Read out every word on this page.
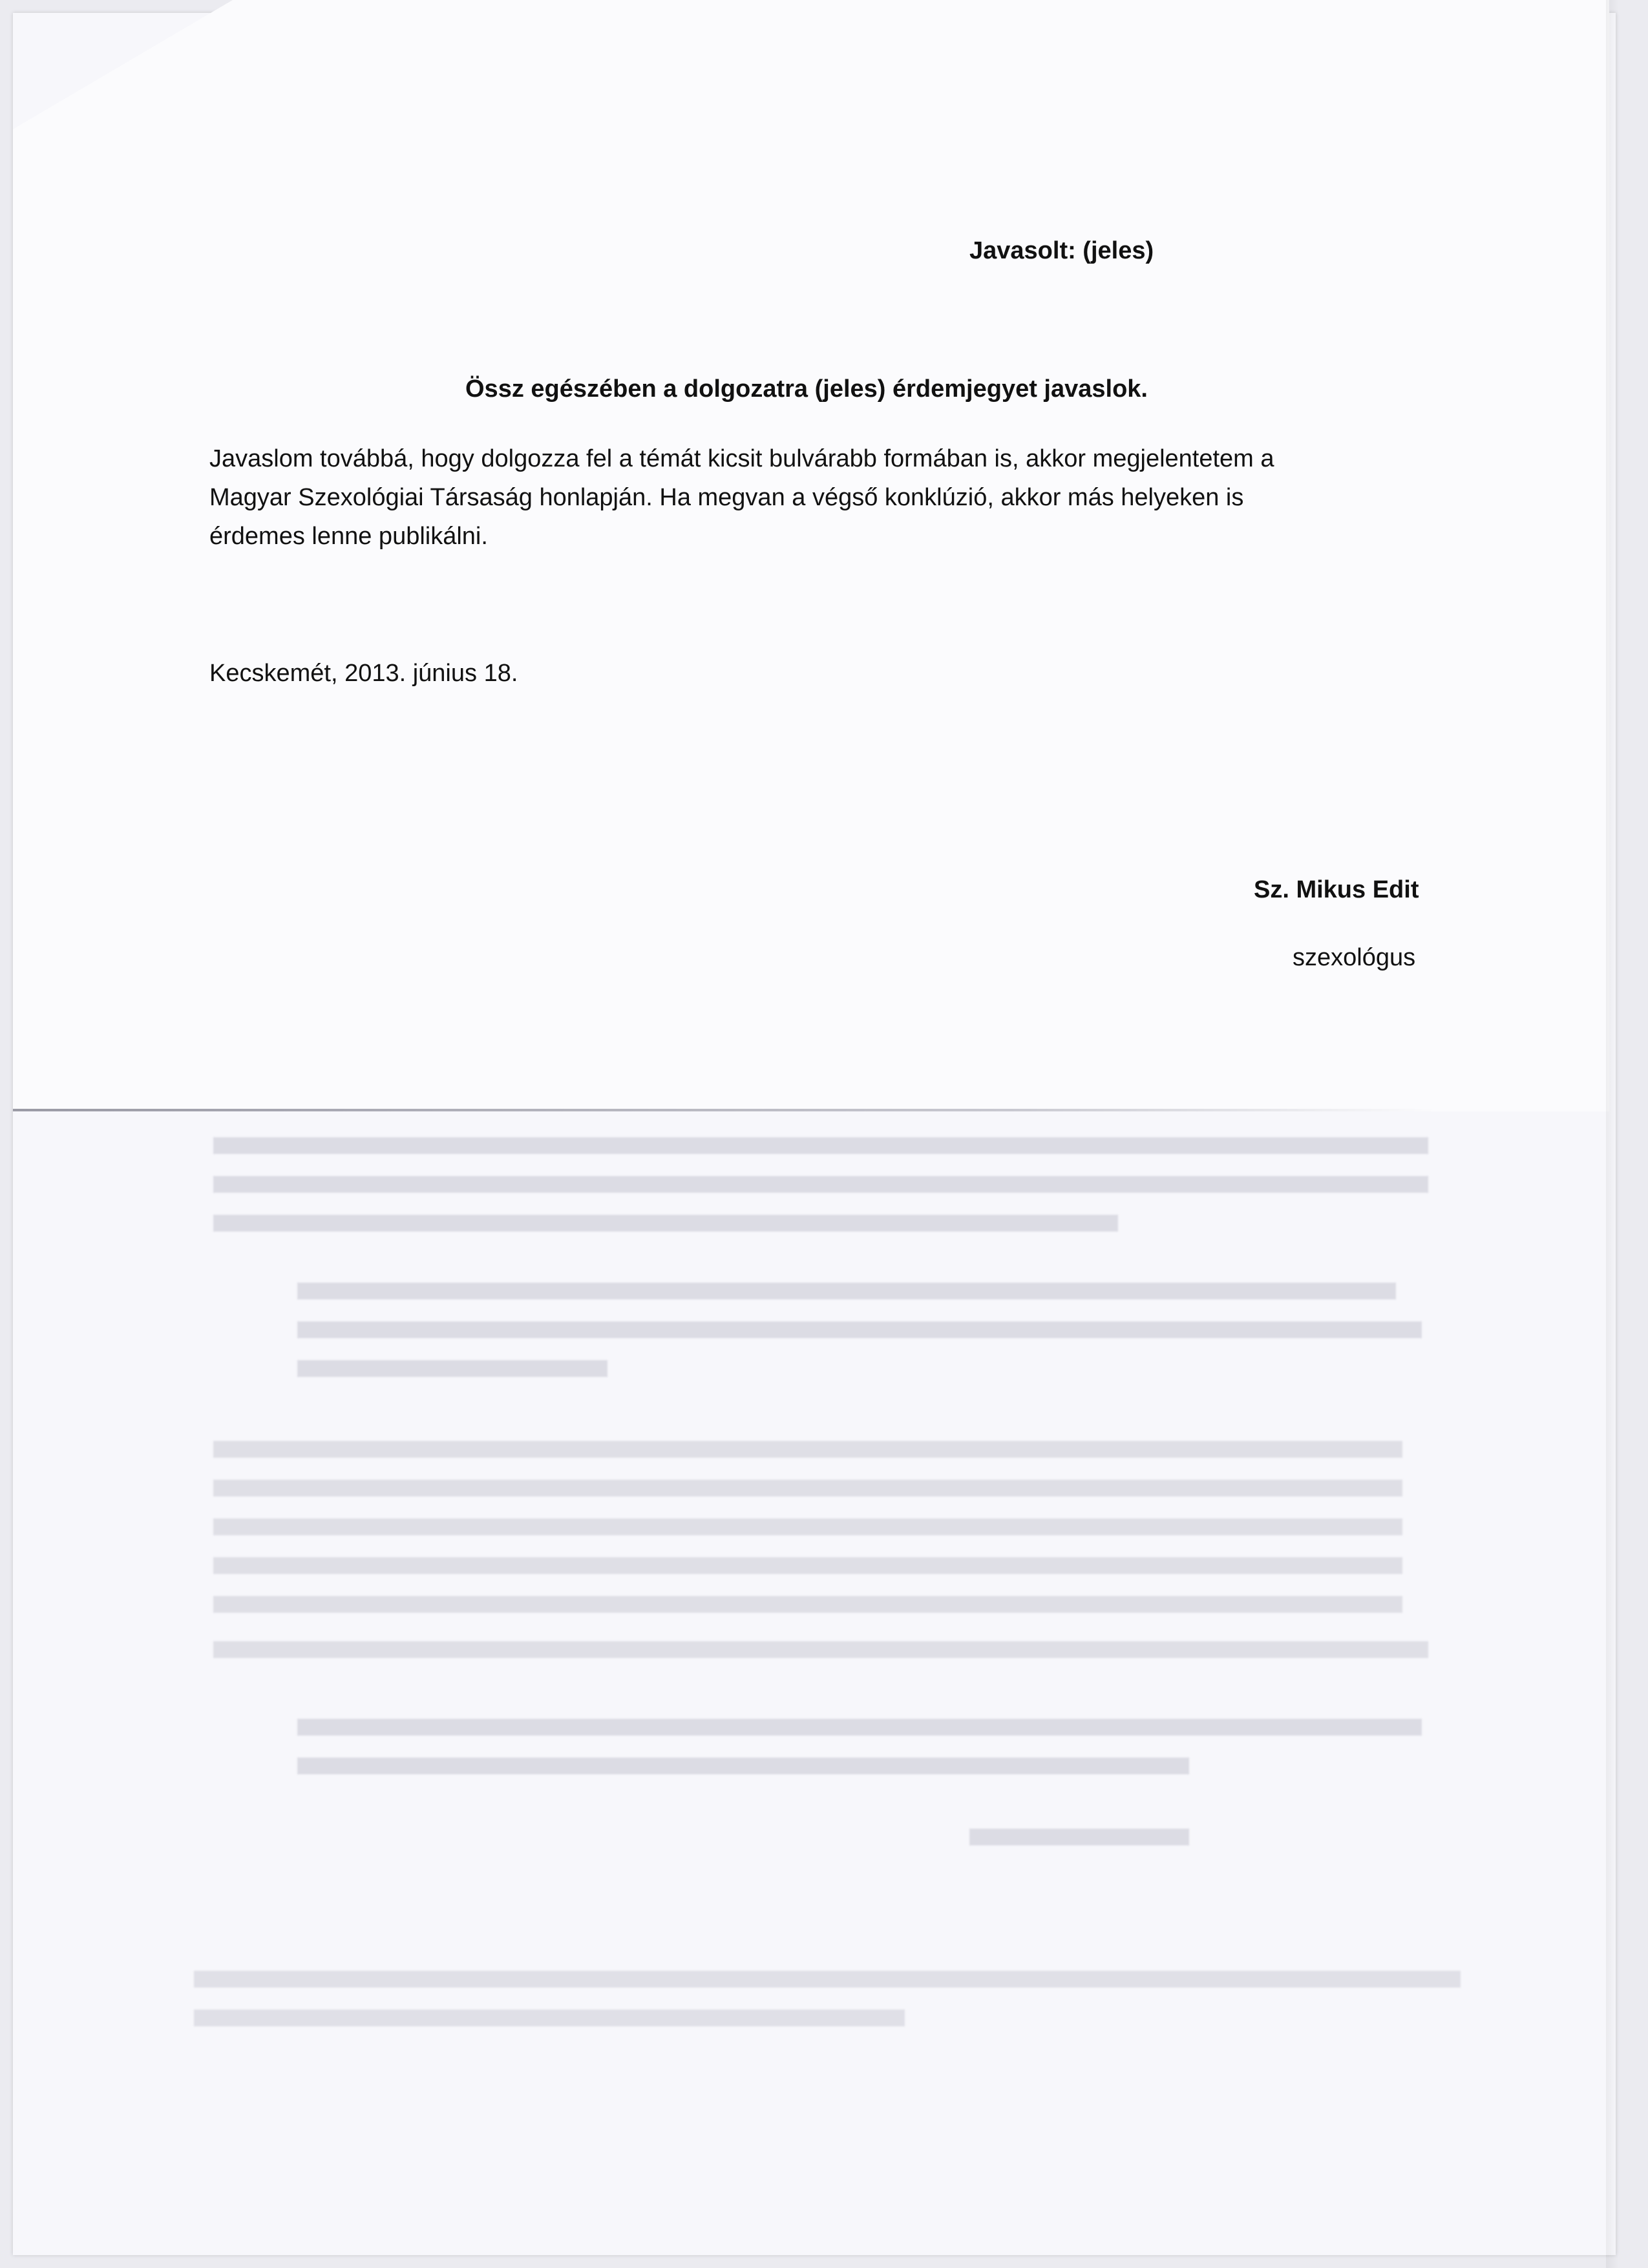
Javasolt: (jeles)
Össz egészében a dolgozatra (jeles) érdemjegyet javaslok.
Javaslom továbbá, hogy dolgozza fel a témát kicsit bulvárabb formában is, akkor megjelentetem a
Magyar Szexológiai Társaság honlapján. Ha megvan a végső konklúzió, akkor más helyeken is
érdemes lenne publikálni.
Kecskemét, 2013. június 18.
Sz. Mikus Edit
szexológus
